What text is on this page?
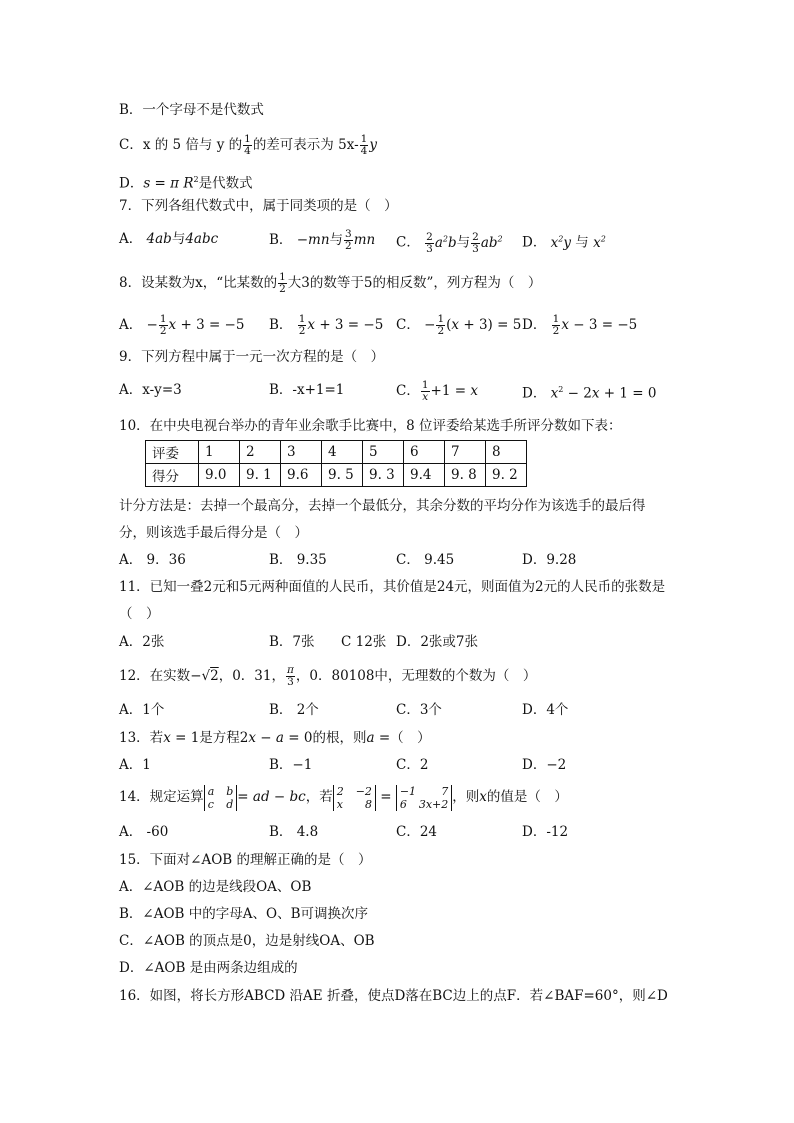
B．一个字母不是代数式
C．x 的 5 倍与 y 的 $\frac{1}{4}$ 的差可表示为 $5x- \frac{1}{4}$ y
D．s = π $R^2$是代数式
7．下列各组代数式中，属于同类项的是（　）
A． 4ab与4abc	B． −mn与 $\frac{3}{2}$ mn C． $\frac{2}{3} a^2b$与 $\frac{2}{3} ab^2$ D． $x^2y$ 与 $x^2$
8．设某数为x，“比某数的 $\frac{1}{2}$ 大3的数等于5的相反数”，列方程为（　）
A． − $\frac{1}{2}$ x + 3 = −5 B． $\frac{1}{2}$ x + 3 = −5 C． − $\frac{1}{2} (x + 3) = 5$ D． $\frac{1}{2}$ x − 3 = −5
9．下列方程中属于一元一次方程的是（　）
A．x-y=3	B．-x+1=1	C． $\frac{1}{x} +1 = x$	D． $x^2 - 2x + 1 = 0$
10．在中央电视台举办的青年业余歌手比赛中，8 位评委给某选手所评分数如下表：
评委	1	2	3	4	5	6	7	8
得分	9.0	9. 1	9.6	9. 5	9. 3	9.4	9. 8	9. 2
计分方法是：去掉一个最高分，去掉一个最低分，其余分数的平均分作为该选手的最后得
分，则该选手最后得分是（　）
A． 9．36	B． 9.35	C． 9.45	D．9.28
11．已知一叠2元和5元两种面值的人民币，其价值是24元，则面值为2元的人民币的张数是
（　）
A．2张	B．7张 C 12张 D．2张或7张
12．在实数−√2，0．31， $\frac{\pi}{3}$ ，0．80108中，无理数的个数为（　）
A．1个	B． 2个	C．3个	D．4个
13．若x = 1是方程2x − a = 0的根，则a =（　）
A．1	B．−1	C．2	D．−2
14．规定运算 a b
c d = ad − bc，若 2 −2
x 8 = −1 7
6 3x+2 ，则x的值是（　）
A． -60	B． 4.8	C．24	D．-12
15．下面对∠AOB 的理解正确的是（　）
A．∠AOB 的边是线段OA、OB
B．∠AOB 中的字母A、O、B可调换次序
C．∠AOB 的顶点是0，边是射线OA、OB
D．∠AOB 是由两条边组成的
16．如图，将长方形ABCD 沿AE 折叠，使点D落在BC边上的点F．若∠BAF=60°，则∠D
